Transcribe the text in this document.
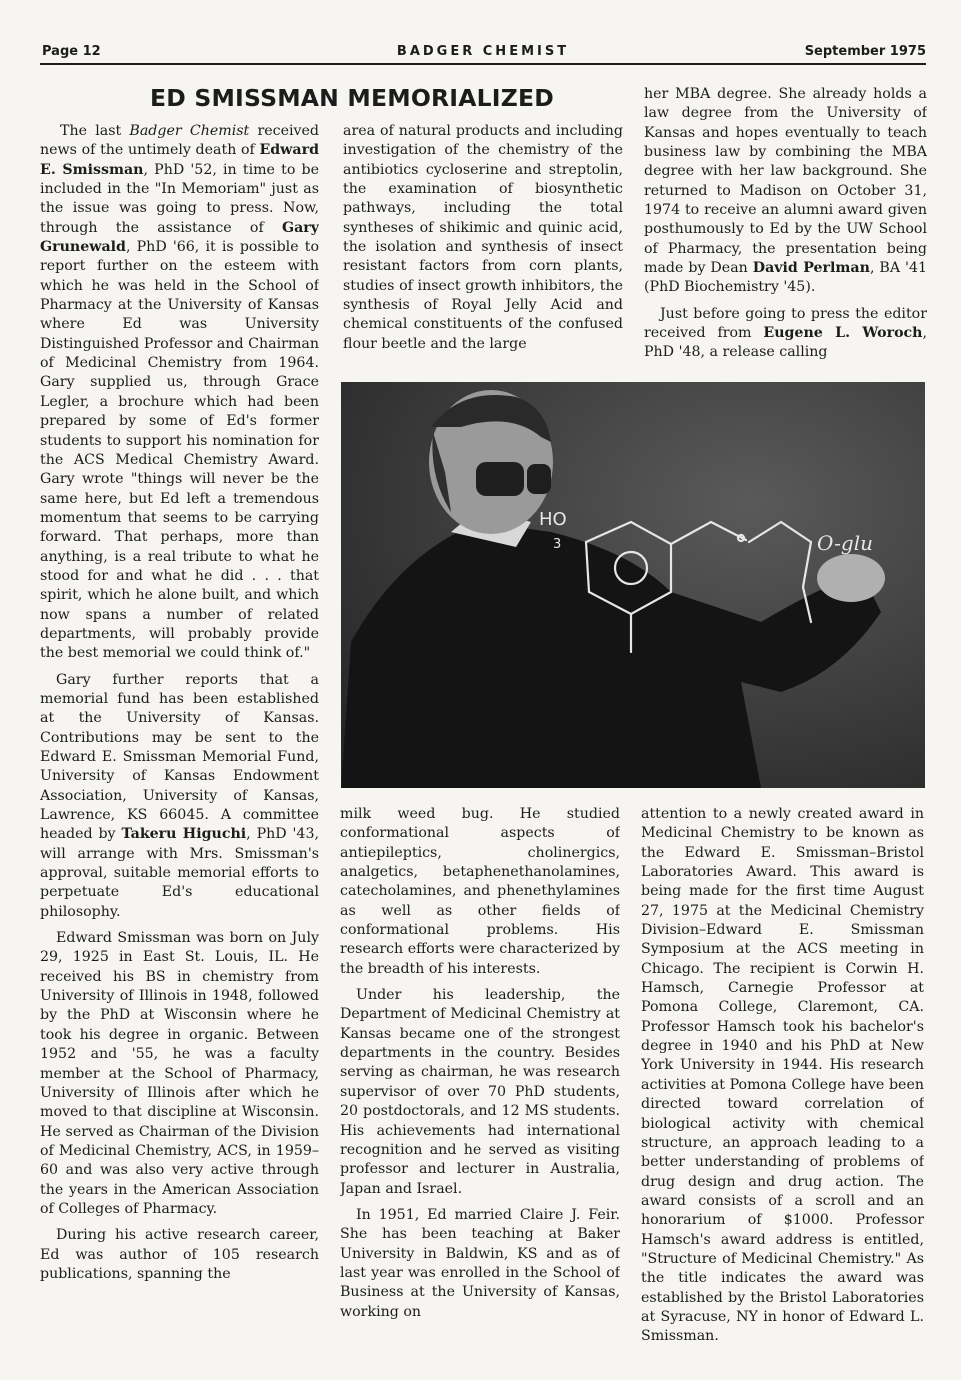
Page 12	BADGER CHEMIST	September 1975
ED SMISSMAN MEMORIALIZED

The last Badger Chemist received news of the untimely death of Edward E. Smissman, PhD '52, in time to be included in the "In Memoriam" just as the issue was going to press. Now, through the assistance of Gary Grunewald, PhD '66, it is possible to report further on the esteem with which he was held in the School of Pharmacy at the University of Kansas where Ed was University Distinguished Professor and Chairman of Medicinal Chemistry from 1964. Gary supplied us, through Grace Legler, a brochure which had been prepared by some of Ed's former students to support his nomination for the ACS Medical Chemistry Award. Gary wrote "things will never be the same here, but Ed left a tremendous momentum that seems to be carrying forward. That perhaps, more than anything, is a real tribute to what he stood for and what he did . . . that spirit, which he alone built, and which now spans a number of related departments, will probably provide the best memorial we could think of."

Gary further reports that a memorial fund has been established at the University of Kansas. Contributions may be sent to the Edward E. Smissman Memorial Fund, University of Kansas Endowment Association, University of Kansas, Lawrence, KS 66045. A committee headed by Takeru Higuchi, PhD '43, will arrange with Mrs. Smissman's approval, suitable memorial efforts to perpetuate Ed's educational philosophy.

Edward Smissman was born on July 29, 1925 in East St. Louis, IL. He received his BS in chemistry from University of Illinois in 1948, followed by the PhD at Wisconsin where he took his degree in organic. Between 1952 and '55, he was a faculty member at the School of Pharmacy, University of Illinois after which he moved to that discipline at Wisconsin. He served as Chairman of the Division of Medicinal Chemistry, ACS, in 1959–60 and was also very active through the years in the American Association of Colleges of Pharmacy.

During his active research career, Ed was author of 105 research publications, spanning the

area of natural products and including investigation of the chemistry of the antibiotics cycloserine and streptolin, the examination of biosynthetic pathways, including the total syntheses of shikimic and quinic acid, the isolation and synthesis of insect resistant factors from corn plants, studies of insect growth inhibitors, the synthesis of Royal Jelly Acid and chemical constituents of the confused flour beetle and the large

her MBA degree. She already holds a law degree from the University of Kansas and hopes eventually to teach business law by combining the MBA degree with her law background. She returned to Madison on October 31, 1974 to receive an alumni award given posthumously to Ed by the UW School of Pharmacy, the presentation being made by Dean David Perlman, BA '41 (PhD Biochemistry '45).

Just before going to press the editor received from Eugene L. Woroch, PhD '48, a release calling

HO
3	O-glu

milk weed bug. He studied conformational aspects of antiepileptics, cholinergics, analgetics, betaphenethanolamines, catecholamines, and phenethylamines as well as other fields of conformational problems. His research efforts were characterized by the breadth of his interests.

Under his leadership, the Department of Medicinal Chemistry at Kansas became one of the strongest departments in the country. Besides serving as chairman, he was research supervisor of over 70 PhD students, 20 postdoctorals, and 12 MS students. His achievements had international recognition and he served as visiting professor and lecturer in Australia, Japan and Israel.

In 1951, Ed married Claire J. Feir. She has been teaching at Baker University in Baldwin, KS and as of last year was enrolled in the School of Business at the University of Kansas, working on

attention to a newly created award in Medicinal Chemistry to be known as the Edward E. Smissman–Bristol Laboratories Award. This award is being made for the first time August 27, 1975 at the Medicinal Chemistry Division–Edward E. Smissman Symposium at the ACS meeting in Chicago. The recipient is Corwin H. Hamsch, Carnegie Professor at Pomona College, Claremont, CA. Professor Hamsch took his bachelor's degree in 1940 and his PhD at New York University in 1944. His research activities at Pomona College have been directed toward correlation of biological activity with chemical structure, an approach leading to a better understanding of problems of drug design and drug action. The award consists of a scroll and an honorarium of $1000. Professor Hamsch's award address is entitled, "Structure of Medicinal Chemistry." As the title indicates the award was established by the Bristol Laboratories at Syracuse, NY in honor of Edward L. Smissman.
